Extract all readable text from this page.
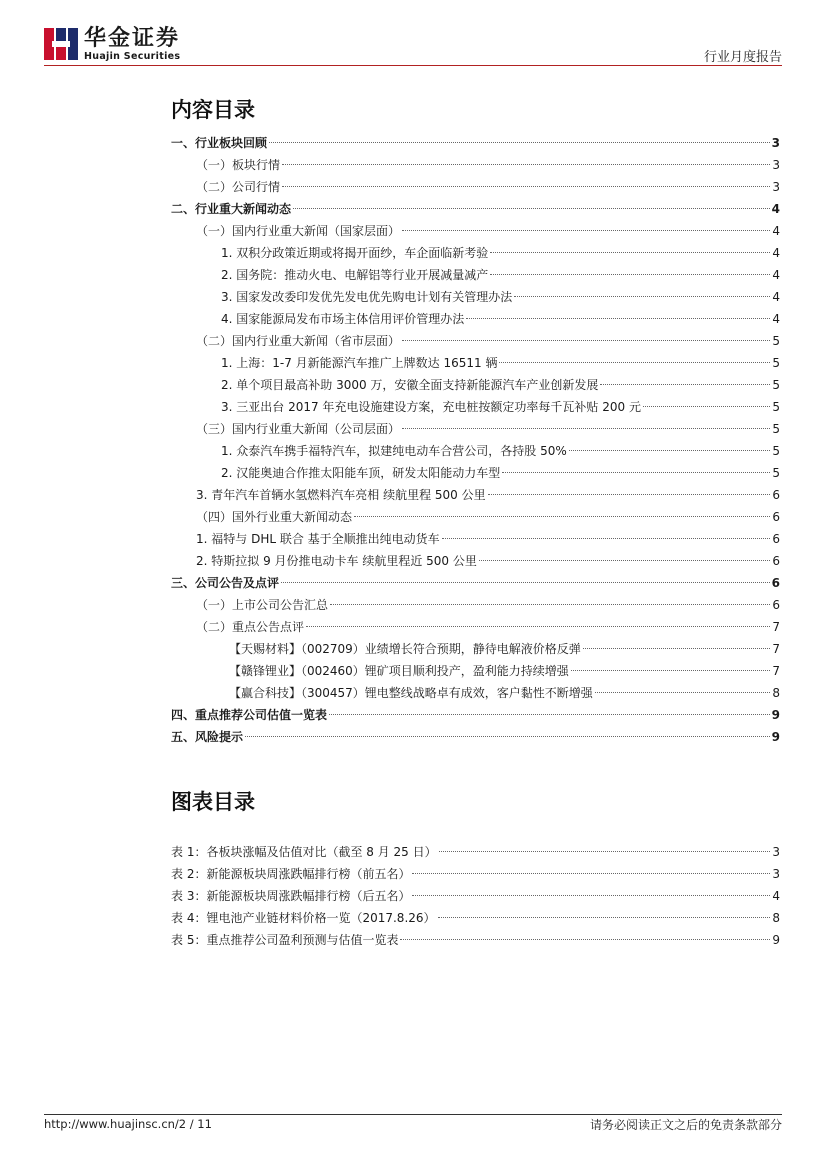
华金证券
Huajin Securities	行业月度报告
内容目录
一、行业板块回顾	3
（一）板块行情	3
（二）公司行情	3
二、行业重大新闻动态	4
（一）国内行业重大新闻（国家层面）	4
1. 双积分政策近期或将揭开面纱，车企面临新考验	4
2. 国务院：推动火电、电解铝等行业开展减量减产	4
3. 国家发改委印发优先发电优先购电计划有关管理办法	4
4. 国家能源局发布市场主体信用评价管理办法	4
（二）国内行业重大新闻（省市层面）	5
1. 上海：1-7 月新能源汽车推广上牌数达 16511 辆	5
2. 单个项目最高补助 3000 万，安徽全面支持新能源汽车产业创新发展	5
3. 三亚出台 2017 年充电设施建设方案，充电桩按额定功率每千瓦补贴 200 元	5
（三）国内行业重大新闻（公司层面）	5
1. 众泰汽车携手福特汽车，拟建纯电动车合营公司，各持股 50%	5
2. 汉能奥迪合作推太阳能车顶，研发太阳能动力车型	5
3. 青年汽车首辆水氢燃料汽车亮相 续航里程 500 公里	6
（四）国外行业重大新闻动态	6
1. 福特与 DHL 联合 基于全顺推出纯电动货车	6
2. 特斯拉拟 9 月份推电动卡车 续航里程近 500 公里	6
三、公司公告及点评	6
（一）上市公司公告汇总	6
（二）重点公告点评	7
【天赐材料】（002709）业绩增长符合预期，静待电解液价格反弹	7
【赣锋锂业】（002460）锂矿项目顺利投产，盈利能力持续增强	7
【赢合科技】（300457）锂电整线战略卓有成效，客户黏性不断增强	8
四、重点推荐公司估值一览表	9
五、风险提示	9
图表目录
表 1：各板块涨幅及估值对比（截至 8 月 25 日）	3
表 2：新能源板块周涨跌幅排行榜（前五名）	3
表 3：新能源板块周涨跌幅排行榜（后五名）	4
表 4：锂电池产业链材料价格一览（2017.8.26）	8
表 5：重点推荐公司盈利预测与估值一览表	9
http://www.huajinsc.cn/2 / 11	请务必阅读正文之后的免责条款部分
